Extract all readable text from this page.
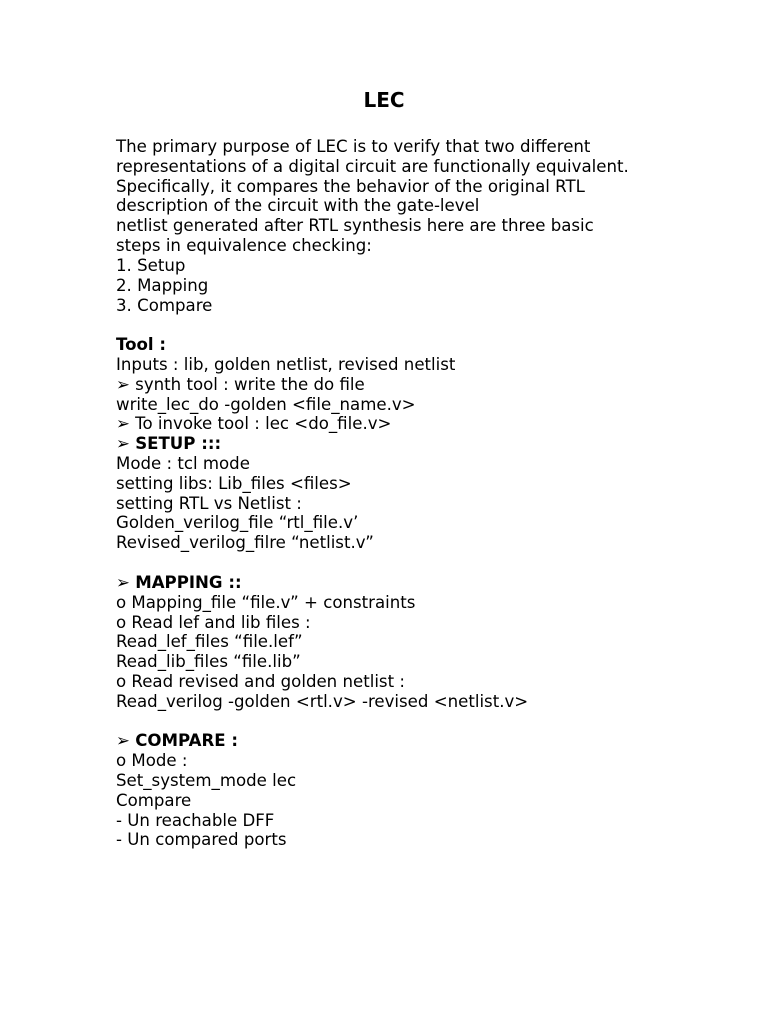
LEC
The primary purpose of LEC is to verify that two different
representations of a digital circuit are functionally equivalent.
Specifically, it compares the behavior of the original RTL
description of the circuit with the gate-level
netlist generated after RTL synthesis here are three basic
steps in equivalence checking:
1. Setup
2. Mapping
3. Compare
Tool :
Inputs : lib, golden netlist, revised netlist
➢ synth tool : write the do file
write_lec_do -golden <file_name.v>
➢ To invoke tool : lec <do_file.v>
➢ SETUP :::
Mode : tcl mode
setting libs: Lib_files <files>
setting RTL vs Netlist :
Golden_verilog_file “rtl_file.v’
Revised_verilog_filre “netlist.v”
➢ MAPPING ::
o Mapping_file “file.v” + constraints
o Read lef and lib files :
Read_lef_files “file.lef”
Read_lib_files “file.lib”
o Read revised and golden netlist :
Read_verilog -golden <rtl.v> -revised <netlist.v>
➢ COMPARE :
o Mode :
Set_system_mode lec
Compare
- Un reachable DFF
- Un compared ports
